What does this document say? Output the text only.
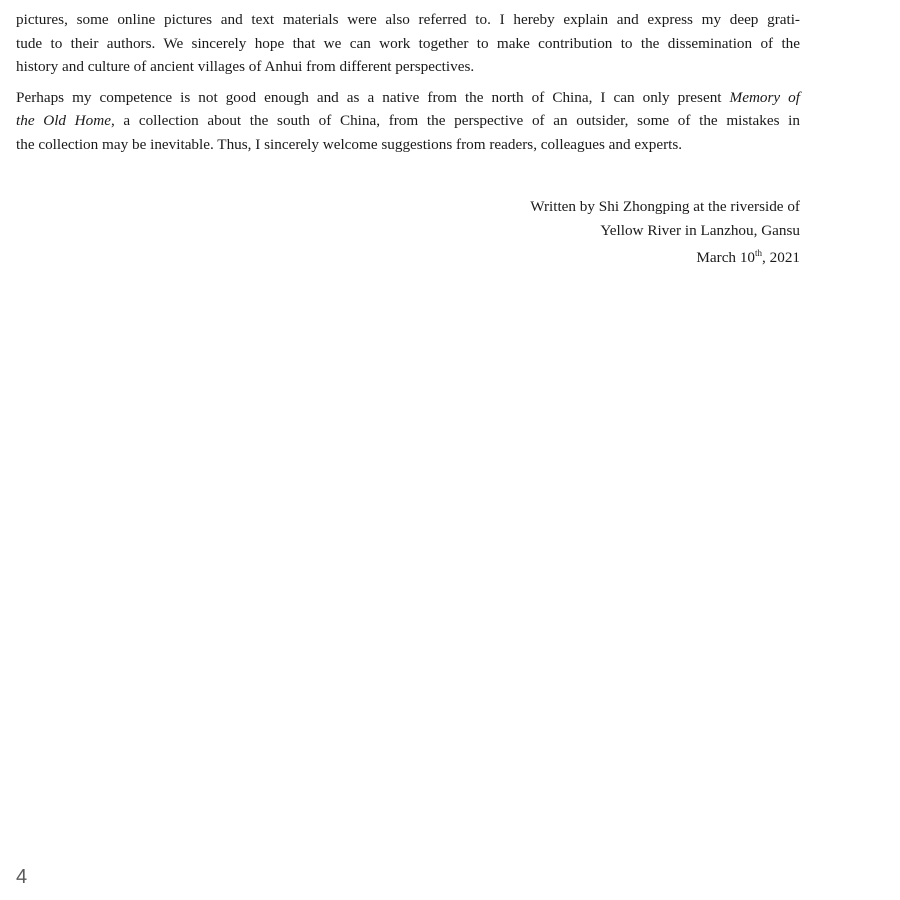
pictures, some online pictures and text materials were also referred to. I hereby explain and express my deep grati-
tude to their authors. We sincerely hope that we can work together to make contribution to the dissemination of the
history and culture of ancient villages of Anhui from different perspectives.

Perhaps my competence is not good enough and as a native from the north of China, I can only present Memory of
the Old Home, a collection about the south of China, from the perspective of an outsider, some of the mistakes in
the collection may be inevitable. Thus, I sincerely welcome suggestions from readers, colleagues and experts.

Written by Shi Zhongping at the riverside of
Yellow River in Lanzhou, Gansu
March 10th, 2021
4
